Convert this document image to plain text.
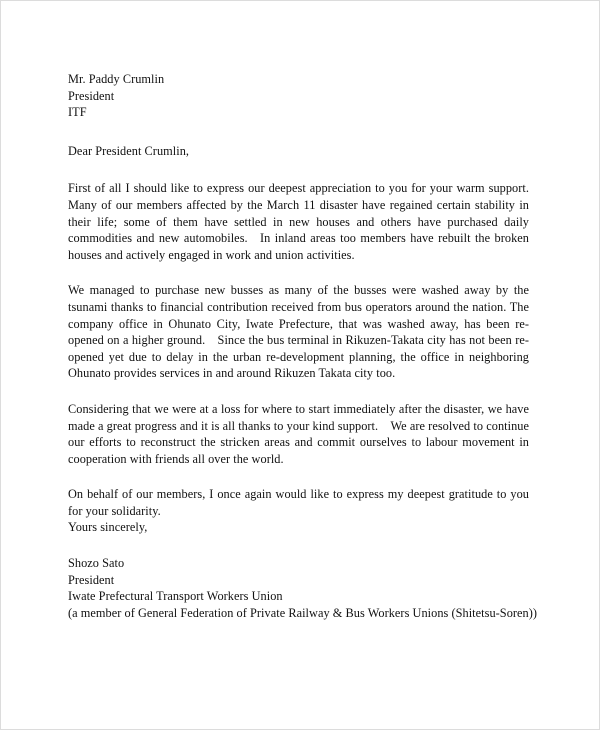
Mr. Paddy Crumlin
President
ITF
Dear President Crumlin,

First of all I should like to express our deepest appreciation to you for your warm support. Many of our members affected by the March 11 disaster have regained certain stability in their life; some of them have settled in new houses and others have purchased daily commodities and new automobiles. In inland areas too members have rebuilt the broken houses and actively engaged in work and union activities.

We managed to purchase new busses as many of the busses were washed away by the tsunami thanks to financial contribution received from bus operators around the nation. The company office in Ohunato City, Iwate Prefecture, that was washed away, has been re-opened on a higher ground. Since the bus terminal in Rikuzen-Takata city has not been re-opened yet due to delay in the urban re-development planning, the office in neighboring Ohunato provides services in and around Rikuzen Takata city too.

Considering that we were at a loss for where to start immediately after the disaster, we have made a great progress and it is all thanks to your kind support. We are resolved to continue our efforts to reconstruct the stricken areas and commit ourselves to labour movement in cooperation with friends all over the world.

On behalf of our members, I once again would like to express my deepest gratitude to you for your solidarity.

Yours sincerely,
Shozo Sato
President
Iwate Prefectural Transport Workers Union
(a member of General Federation of Private Railway & Bus Workers Unions (Shitetsu-Soren))
